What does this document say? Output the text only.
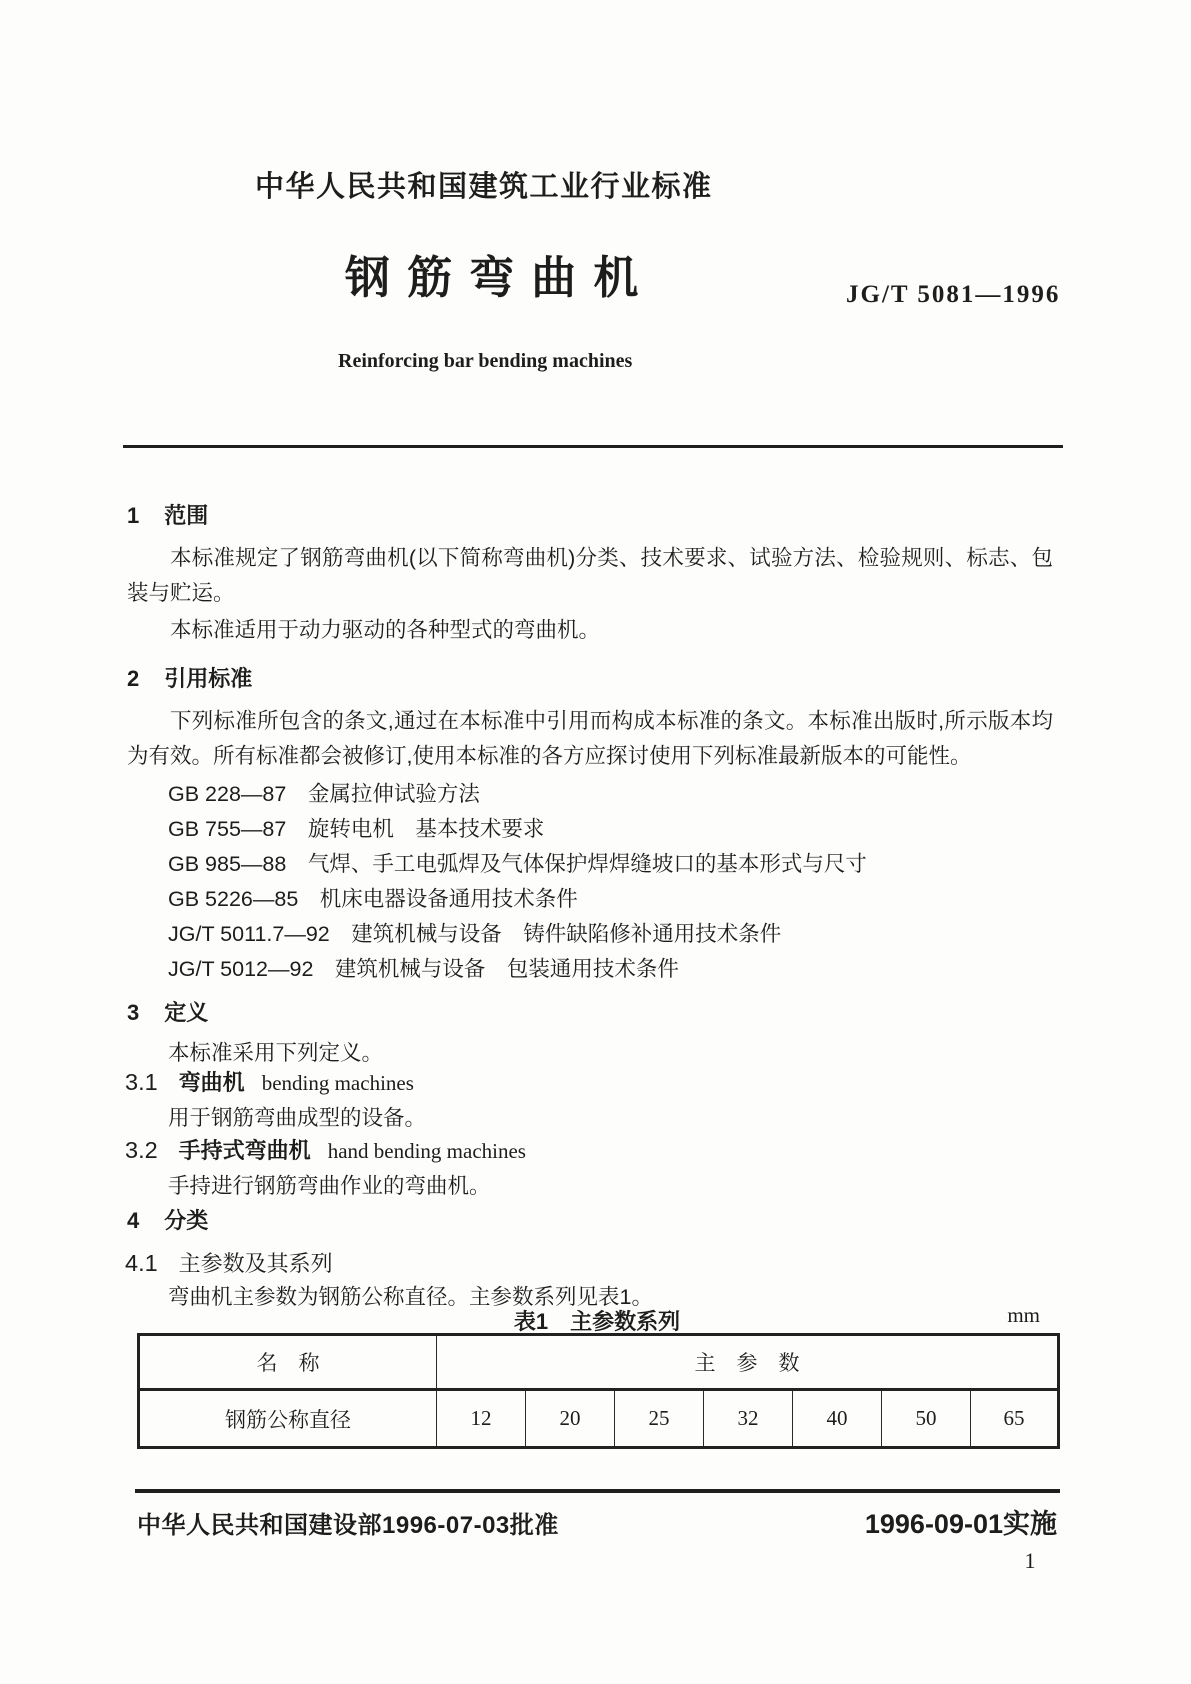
中华人民共和国建筑工业行业标准
钢筋弯曲机	JG/T 5081—1996
Reinforcing bar bending machines
1 范围
本标准规定了钢筋弯曲机(以下简称弯曲机)分类、技术要求、试验方法、检验规则、标志、包装与贮运。
本标准适用于动力驱动的各种型式的弯曲机。
2 引用标准
下列标准所包含的条文,通过在本标准中引用而构成本标准的条文。本标准出版时,所示版本均为有效。所有标准都会被修订,使用本标准的各方应探讨使用下列标准最新版本的可能性。
GB 228—87　金属拉伸试验方法
GB 755—87　旋转电机　基本技术要求
GB 985—88　气焊、手工电弧焊及气体保护焊焊缝坡口的基本形式与尺寸
GB 5226—85　机床电器设备通用技术条件
JG/T 5011.7—92　建筑机械与设备　铸件缺陷修补通用技术条件
JG/T 5012—92　建筑机械与设备　包装通用技术条件
3 定义
本标准采用下列定义。
3.1 弯曲机 bending machines
用于钢筋弯曲成型的设备。
3.2 手持式弯曲机 hand bending machines
手持进行钢筋弯曲作业的弯曲机。
4 分类
4.1 主参数及其系列
弯曲机主参数为钢筋公称直径。主参数系列见表1。
表1　主参数系列	mm
名　称	主　参　数						
钢筋公称直径	12	20	25	32	40	50	65
中华人民共和国建设部1996-07-03批准	1996-09-01实施
1
